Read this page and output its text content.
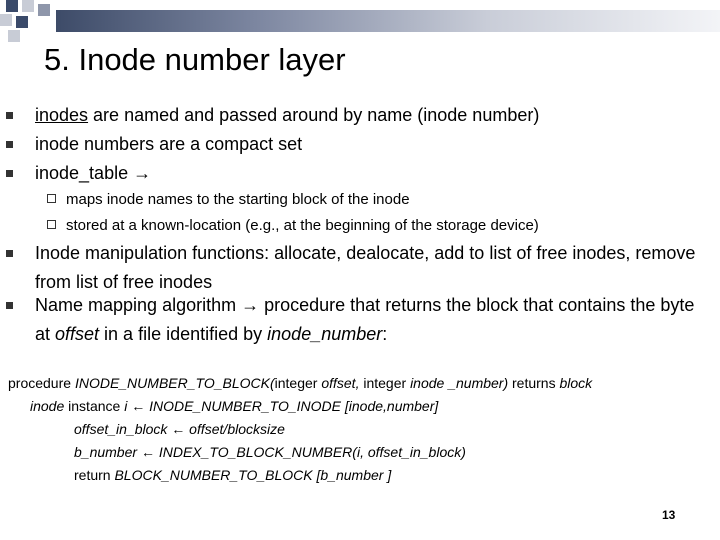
5. Inode number layer
inodes are named and passed around by name (inode number)
inode numbers are a compact set
inode_table →
maps inode names to the starting block of the inode
stored at a known-location (e.g., at the beginning of the storage device)
Inode manipulation functions: allocate, dealocate, add to list of free inodes, remove from list of free inodes
Name mapping algorithm → procedure that returns the block that contains the byte at offset in a file identified by inode_number:
procedure INODE_NUMBER_TO_BLOCK(integer offset, integer inode _number) returns block
inode instance i ← INODE_NUMBER_TO_INODE [inode,number]
offset_in_block ← offset/blocksize
b_number ← INDEX_TO_BLOCK_NUMBER(i, offset_in_block)
return BLOCK_NUMBER_TO_BLOCK [b_number ]
13
